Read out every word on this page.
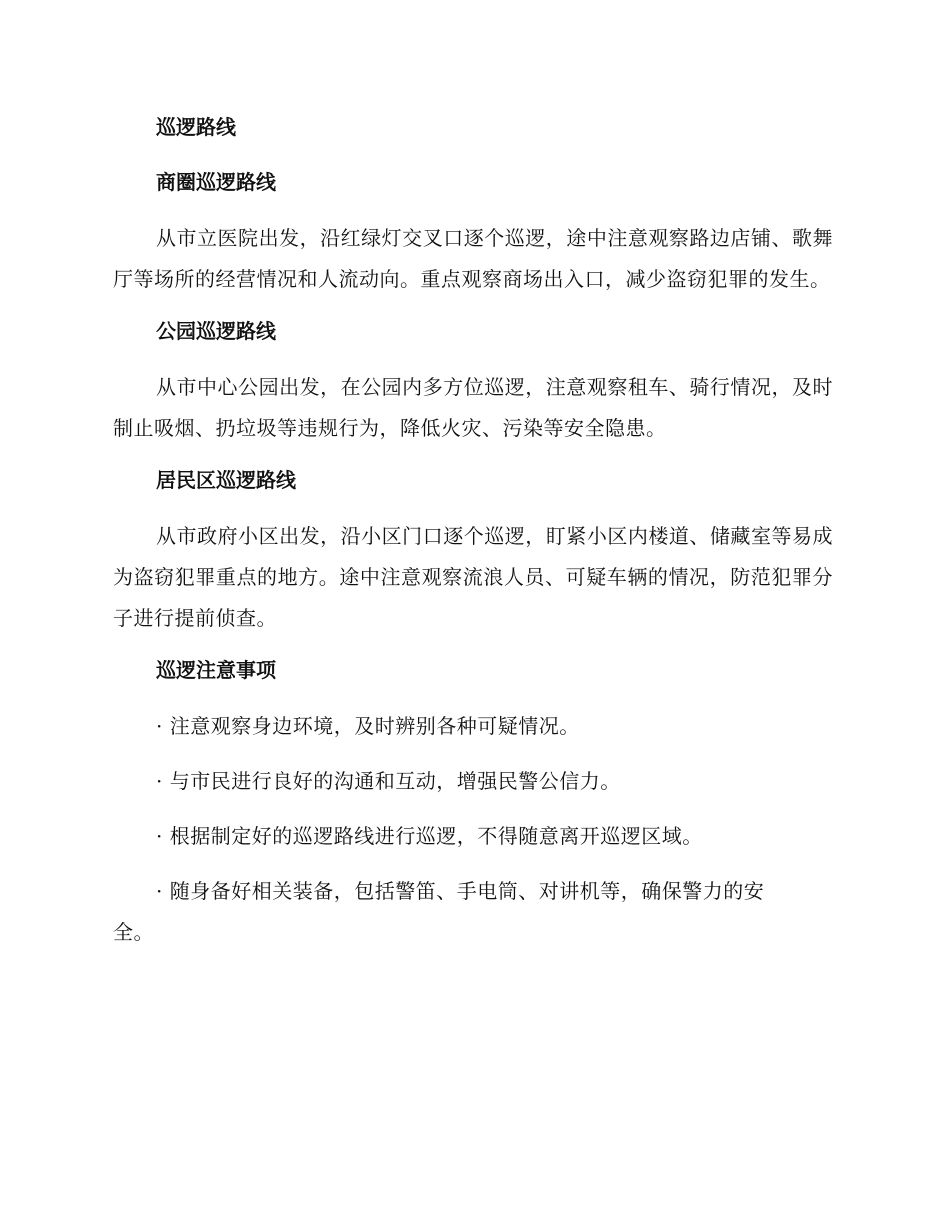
巡逻路线
商圈巡逻路线

从市立医院出发，沿红绿灯交叉口逐个巡逻，途中注意观察路边店铺、歌舞厅等场所的经营情况和人流动向。重点观察商场出入口，减少盗窃犯罪的发生。

公园巡逻路线

从市中心公园出发，在公园内多方位巡逻，注意观察租车、骑行情况，及时制止吸烟、扔垃圾等违规行为，降低火灾、污染等安全隐患。

居民区巡逻路线

从市政府小区出发，沿小区门口逐个巡逻，盯紧小区内楼道、储藏室等易成为盗窃犯罪重点的地方。途中注意观察流浪人员、可疑车辆的情况，防范犯罪分子进行提前侦查。

巡逻注意事项

· 注意观察身边环境，及时辨别各种可疑情况。

· 与市民进行良好的沟通和互动，增强民警公信力。

· 根据制定好的巡逻路线进行巡逻，不得随意离开巡逻区域。

· 随身备好相关装备，包括警笛、手电筒、对讲机等，确保警力的安全。
